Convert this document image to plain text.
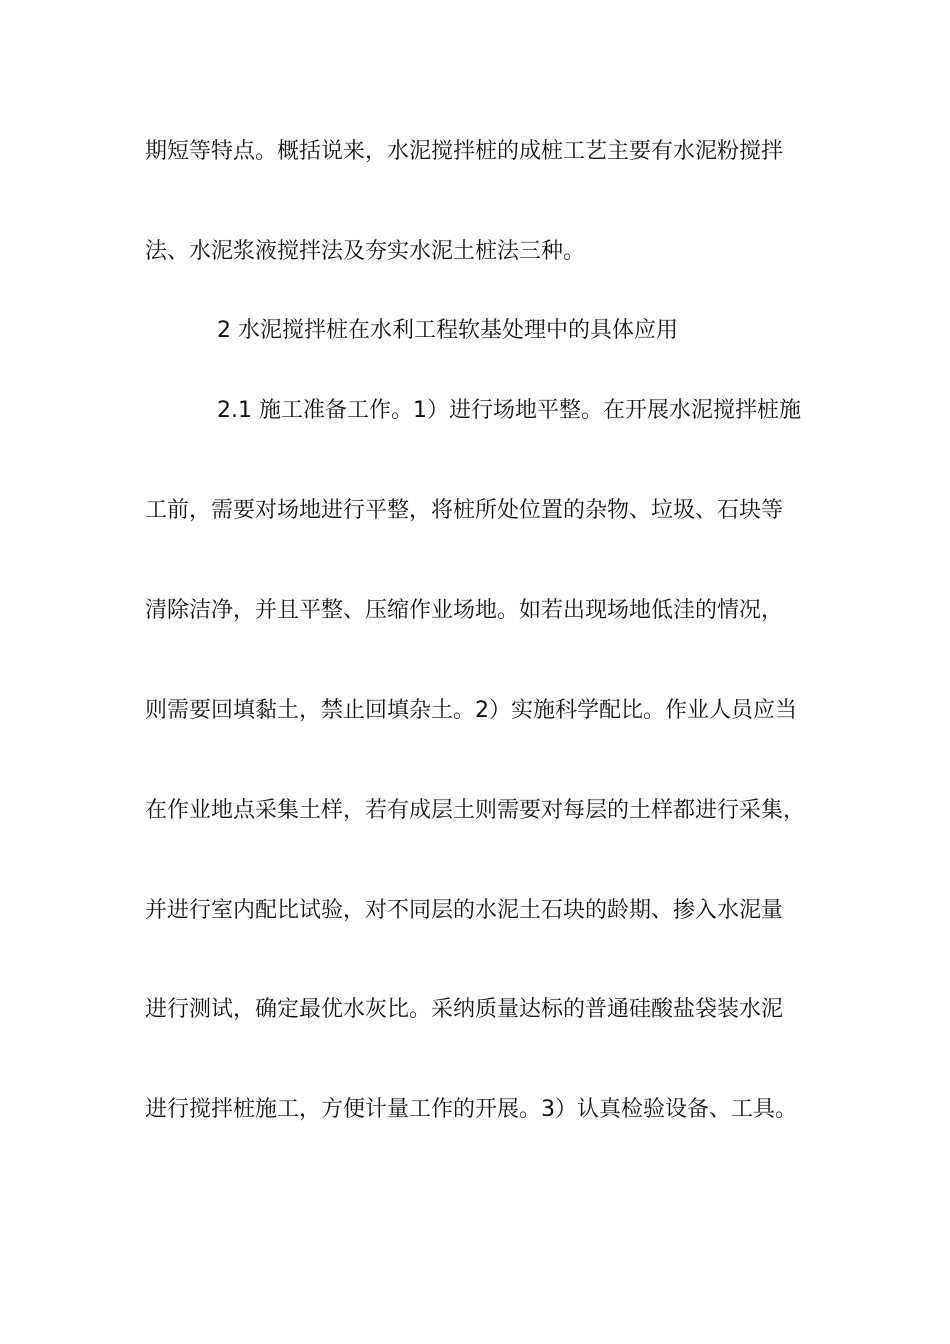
期短等特点。概括说来，水泥搅拌桩的成桩工艺主要有水泥粉搅拌
法、水泥浆液搅拌法及夯实水泥土桩法三种。
2 水泥搅拌桩在水利工程软基处理中的具体应用
2.1 施工准备工作。1）进行场地平整。在开展水泥搅拌桩施
工前，需要对场地进行平整，将桩所处位置的杂物、垃圾、石块等
清除洁净，并且平整、压缩作业场地。如若出现场地低洼的情况，
则需要回填黏土，禁止回填杂土。2）实施科学配比。作业人员应当
在作业地点采集土样，若有成层土则需要对每层的土样都进行采集，
并进行室内配比试验，对不同层的水泥土石块的龄期、掺入水泥量
进行测试，确定最优水灰比。采纳质量达标的普通硅酸盐袋装水泥
进行搅拌桩施工，方便计量工作的开展。3）认真检验设备、工具。
